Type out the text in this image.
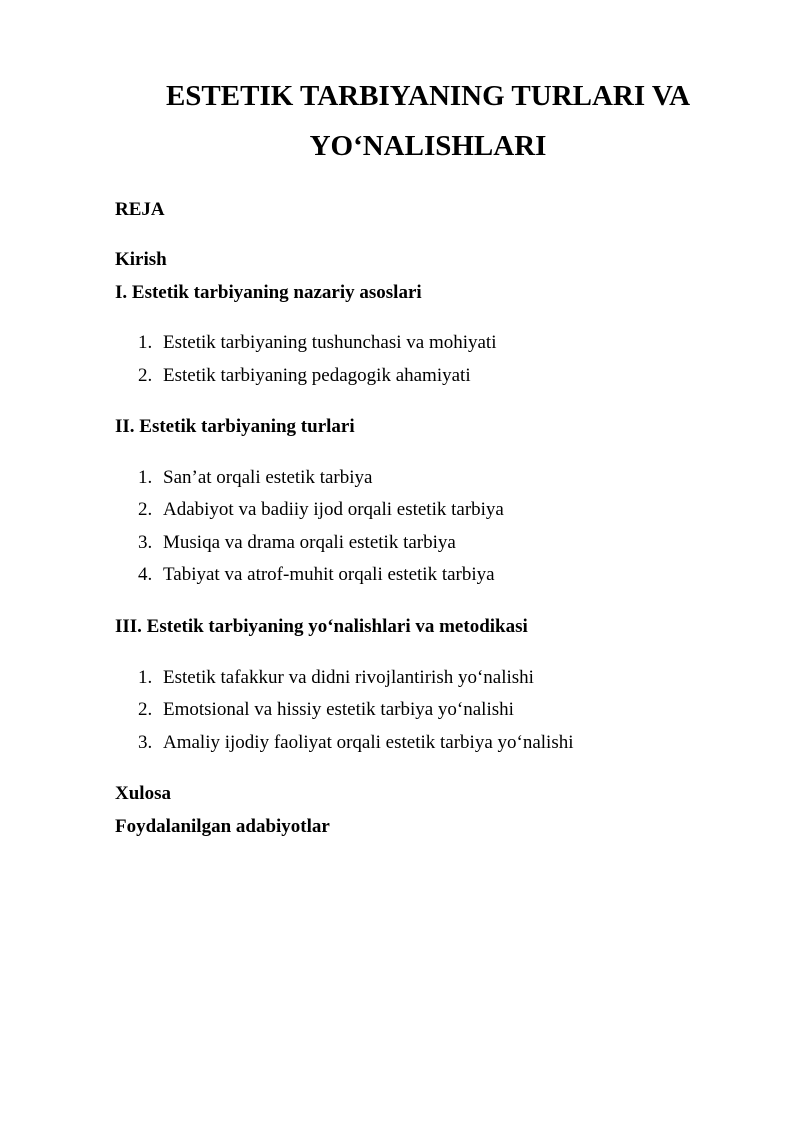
ESTETIK TARBIYANING TURLARI VA
YO‘NALISHLARI
REJA
Kirish
I. Estetik tarbiyaning nazariy asoslari
1. Estetik tarbiyaning tushunchasi va mohiyati
2. Estetik tarbiyaning pedagogik ahamiyati
II. Estetik tarbiyaning turlari
1. San’at orqali estetik tarbiya
2. Adabiyot va badiiy ijod orqali estetik tarbiya
3. Musiqa va drama orqali estetik tarbiya
4. Tabiyat va atrof-muhit orqali estetik tarbiya
III. Estetik tarbiyaning yo‘nalishlari va metodikasi
1. Estetik tafakkur va didni rivojlantirish yo‘nalishi
2. Emotsional va hissiy estetik tarbiya yo‘nalishi
3. Amaliy ijodiy faoliyat orqali estetik tarbiya yo‘nalishi
Xulosa
Foydalanilgan adabiyotlar
